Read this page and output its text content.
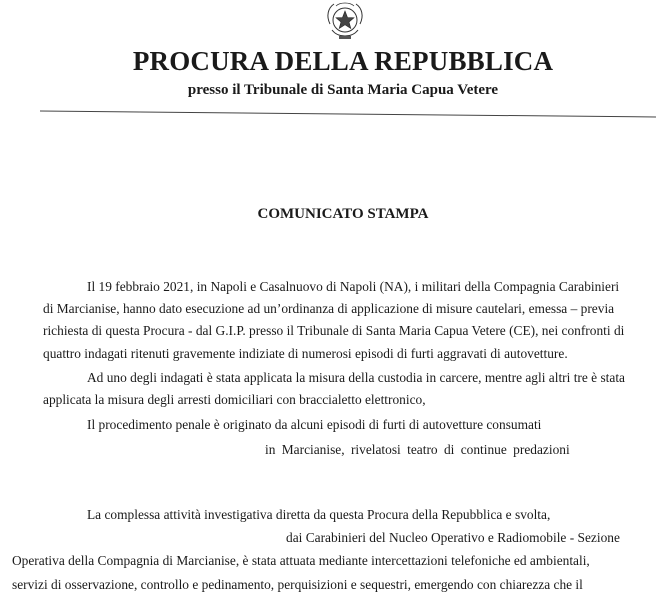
PROCURA DELLA REPUBBLICA
presso il Tribunale di Santa Maria Capua Vetere
COMUNICATO STAMPA
Il 19 febbraio 2021, in Napoli e Casalnuovo di Napoli (NA), i militari della Compagnia Carabinieri
di Marcianise, hanno dato esecuzione ad un’ordinanza di applicazione di misure cautelari, emessa – previa
richiesta di questa Procura - dal G.I.P. presso il Tribunale di Santa Maria Capua Vetere (CE), nei confronti di
quattro indagati ritenuti gravemente indiziate di numerosi episodi di furti aggravati di autovetture.
Ad uno degli indagati è stata applicata la misura della custodia in carcere, mentre agli altri tre è stata
applicata la misura degli arresti domiciliari con braccialetto elettronico,
Il procedimento penale è originato da alcuni episodi di furti di autovetture consumati
in Marcianise, rivelatosi teatro di continue predazioni
La complessa attività investigativa diretta da questa Procura della Repubblica e svolta,
dai Carabinieri del Nucleo Operativo e Radiomobile - Sezione
Operativa della Compagnia di Marcianise, è stata attuata mediante intercettazioni telefoniche ed ambientali,
servizi di osservazione, controllo e pedinamento, perquisizioni e sequestri, emergendo con chiarezza che il
